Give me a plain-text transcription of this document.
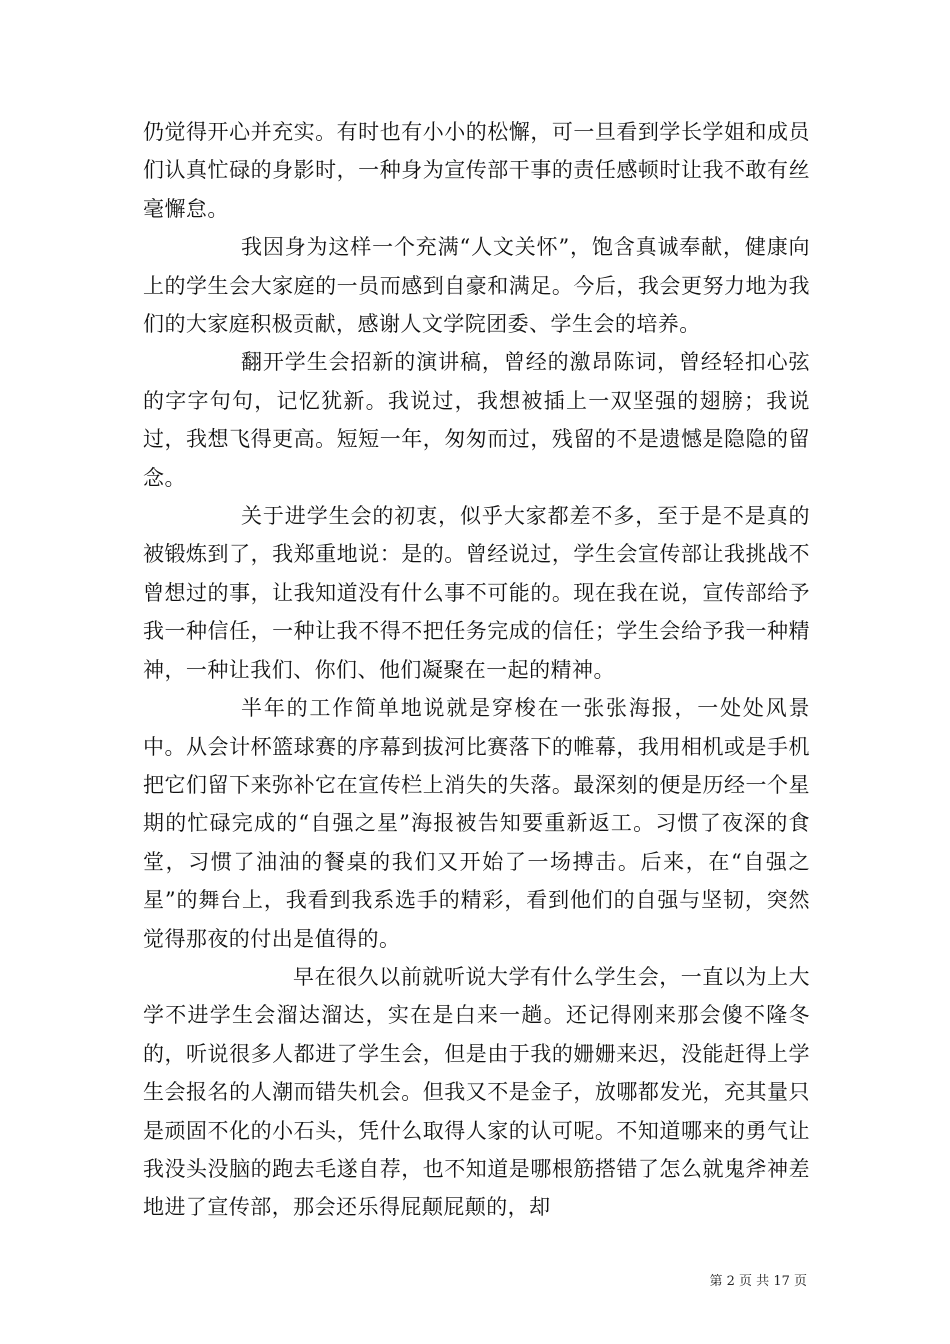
仍觉得开心并充实。有时也有小小的松懈，可一旦看到学长学姐和成员们认真忙碌的身影时，一种身为宣传部干事的责任感顿时让我不敢有丝毫懈怠。

我因身为这样一个充满“人文关怀”，饱含真诚奉献，健康向上的学生会大家庭的一员而感到自豪和满足。今后，我会更努力地为我们的大家庭积极贡献，感谢人文学院团委、学生会的培养。

翻开学生会招新的演讲稿，曾经的激昂陈词，曾经轻扣心弦的字字句句，记忆犹新。我说过，我想被插上一双坚强的翅膀；我说过，我想飞得更高。短短一年，匆匆而过，残留的不是遗憾是隐隐的留念。

关于进学生会的初衷，似乎大家都差不多，至于是不是真的被锻炼到了，我郑重地说：是的。曾经说过，学生会宣传部让我挑战不曾想过的事，让我知道没有什么事不可能的。现在我在说，宣传部给予我一种信任，一种让我不得不把任务完成的信任；学生会给予我一种精神，一种让我们、你们、他们凝聚在一起的精神。

半年的工作简单地说就是穿梭在一张张海报，一处处风景中。从会计杯篮球赛的序幕到拔河比赛落下的帷幕，我用相机或是手机把它们留下来弥补它在宣传栏上消失的失落。最深刻的便是历经一个星期的忙碌完成的“自强之星”海报被告知要重新返工。习惯了夜深的食堂，习惯了油油的餐桌的我们又开始了一场搏击。后来，在“自强之星”的舞台上，我看到我系选手的精彩，看到他们的自强与坚韧，突然觉得那夜的付出是值得的。

早在很久以前就听说大学有什么学生会，一直以为上大学不进学生会溜达溜达，实在是白来一趟。还记得刚来那会傻不隆冬的，听说很多人都进了学生会，但是由于我的姗姗来迟，没能赶得上学生会报名的人潮而错失机会。但我又不是金子，放哪都发光，充其量只是顽固不化的小石头，凭什么取得人家的认可呢。不知道哪来的勇气让我没头没脑的跑去毛遂自荐，也不知道是哪根筋搭错了怎么就鬼斧神差地进了宣传部，那会还乐得屁颠屁颠的，却

第 2 页 共 17 页
